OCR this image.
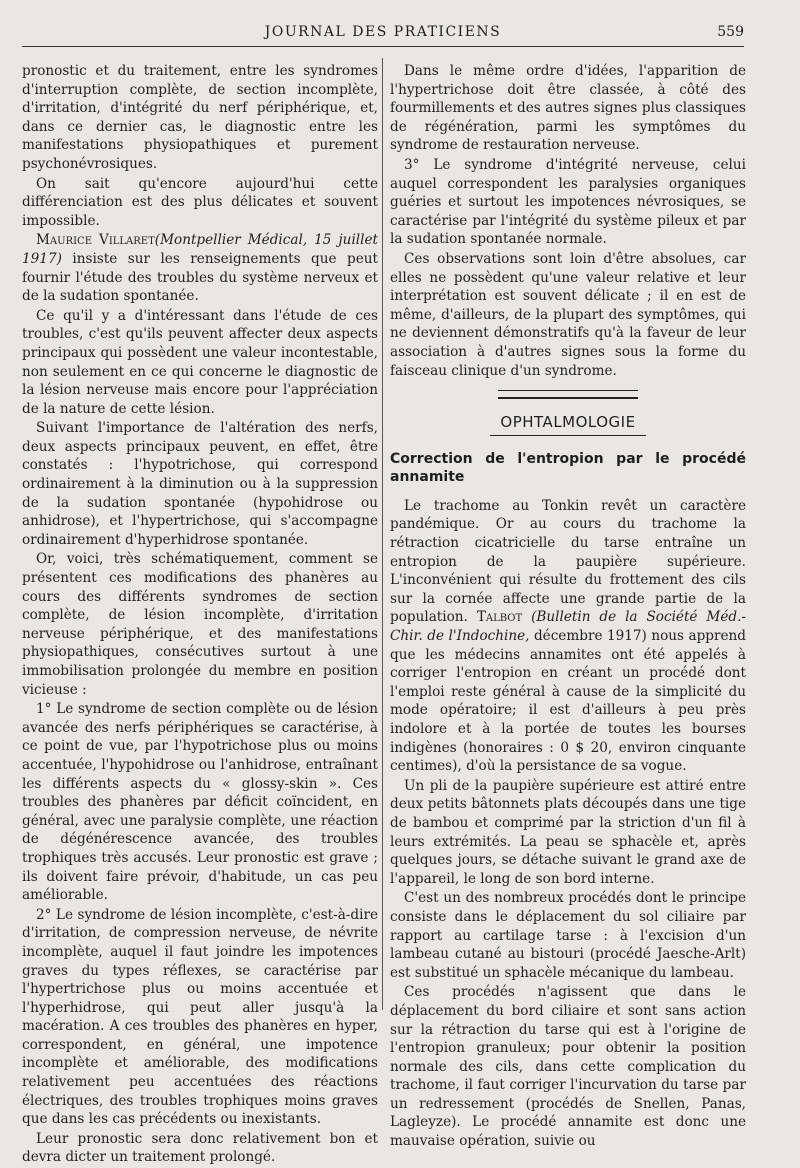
JOURNAL DES PRATICIENS	559

pronostic et du traitement, entre les syndromes d'interruption complète, de section incomplète, d'irritation, d'intégrité du nerf périphérique, et, dans ce dernier cas, le diagnostic entre les manifestations physiopathiques et purement psychonévrosiques.

On sait qu'encore aujourd'hui cette différenciation est des plus délicates et souvent impossible.

Maurice Villaret(Montpellier Médical, 15 juillet 1917) insiste sur les renseignements que peut fournir l'étude des troubles du système nerveux et de la sudation spontanée.

Ce qu'il y a d'intéressant dans l'étude de ces troubles, c'est qu'ils peuvent affecter deux aspects principaux qui possèdent une valeur incontestable, non seulement en ce qui concerne le diagnostic de la lésion nerveuse mais encore pour l'appréciation de la nature de cette lésion.

Suivant l'importance de l'altération des nerfs, deux aspects principaux peuvent, en effet, être constatés : l'hypotrichose, qui correspond ordinairement à la diminution ou à la suppression de la sudation spontanée (hypohidrose ou anhidrose), et l'hypertrichose, qui s'accompagne ordinairement d'hyperhidrose spontanée.

Or, voici, très schématiquement, comment se présentent ces modifications des phanères au cours des différents syndromes de section complète, de lésion incomplète, d'irritation nerveuse périphérique, et des manifestations physiopathiques, consécutives surtout à une immobilisation prolongée du membre en position vicieuse :

1° Le syndrome de section complète ou de lésion avancée des nerfs périphériques se caractérise, à ce point de vue, par l'hypotrichose plus ou moins accentuée, l'hypohidrose ou l'anhidrose, entraînant les différents aspects du « glossy-skin ». Ces troubles des phanères par déficit coïncident, en général, avec une paralysie complète, une réaction de dégénérescence avancée, des troubles trophiques très accusés. Leur pronostic est grave ; ils doivent faire prévoir, d'habitude, un cas peu améliorable.

2° Le syndrome de lésion incomplète, c'est-à-dire d'irritation, de compression nerveuse, de névrite incomplète, auquel il faut joindre les impotences graves du types réflexes, se caractérise par l'hypertrichose plus ou moins accentuée et l'hyperhidrose, qui peut aller jusqu'à la macération. A ces troubles des phanères en hyper, correspondent, en général, une impotence incomplète et améliorable, des modifications relativement peu accentuées des réactions électriques, des troubles trophiques moins graves que dans les cas précédents ou inexistants.

Leur pronostic sera donc relativement bon et devra dicter un traitement prolongé.

Dans le même ordre d'idées, l'apparition de l'hypertrichose doit être classée, à côté des fourmillements et des autres signes plus classiques de régénération, parmi les symptômes du syndrome de restauration nerveuse.

3° Le syndrome d'intégrité nerveuse, celui auquel correspondent les paralysies organiques guéries et surtout les impotences névrosiques, se caractérise par l'intégrité du système pileux et par la sudation spontanée normale.

Ces observations sont loin d'être absolues, car elles ne possèdent qu'une valeur relative et leur interprétation est souvent délicate ; il en est de même, d'ailleurs, de la plupart des symptômes, qui ne deviennent démonstratifs qu'à la faveur de leur association à d'autres signes sous la forme du faisceau clinique d'un syndrome.

OPHTALMOLOGIE
Correction de l'entropion par le procédé annamite

Le trachome au Tonkin revêt un caractère pandémique. Or au cours du trachome la rétraction cicatricielle du tarse entraîne un entropion de la paupière supérieure. L'inconvénient qui résulte du frottement des cils sur la cornée affecte une grande partie de la population. Talbot (Bulletin de la Société Méd.-Chir. de l'Indochine, décembre 1917) nous apprend que les médecins annamites ont été appelés à corriger l'entropion en créant un procédé dont l'emploi reste général à cause de la simplicité du mode opératoire; il est d'ailleurs à peu près indolore et à la portée de toutes les bourses indigènes (honoraires : 0 $ 20, environ cinquante centimes), d'où la persistance de sa vogue.

Un pli de la paupière supérieure est attiré entre deux petits bâtonnets plats découpés dans une tige de bambou et comprimé par la striction d'un fil à leurs extrémités. La peau se sphacèle et, après quelques jours, se détache suivant le grand axe de l'appareil, le long de son bord interne.

C'est un des nombreux procédés dont le principe consiste dans le déplacement du sol ciliaire par rapport au cartilage tarse : à l'excision d'un lambeau cutané au bistouri (procédé Jaesche-Arlt) est substitué un sphacèle mécanique du lambeau.

Ces procédés n'agissent que dans le déplacement du bord ciliaire et sont sans action sur la rétraction du tarse qui est à l'origine de l'entropion granuleux; pour obtenir la position normale des cils, dans cette complication du trachome, il faut corriger l'incurvation du tarse par un redressement (procédés de Snellen, Panas, Lagleyze). Le procédé annamite est donc une mauvaise opération, suivie ou
